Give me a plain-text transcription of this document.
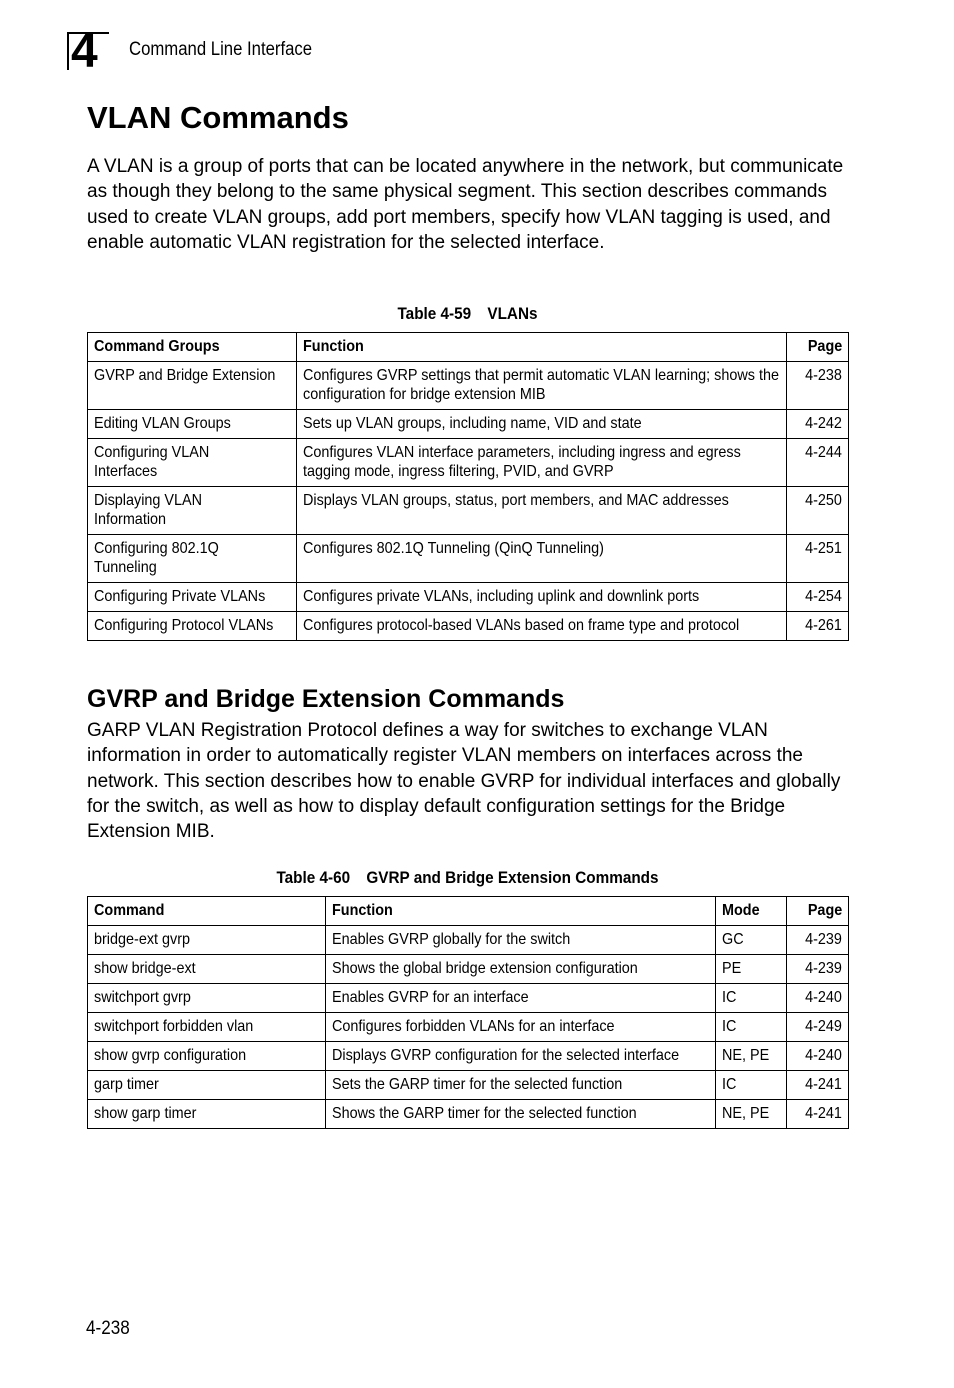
4 Command Line Interface
VLAN Commands

A VLAN is a group of ports that can be located anywhere in the network, but communicate as though they belong to the same physical segment. This section describes commands used to create VLAN groups, add port members, specify how VLAN tagging is used, and enable automatic VLAN registration for the selected interface.

Table 4-59 VLANs
Command Groups	Function	Page

GVRP and Bridge Extension	Configures GVRP settings that permit automatic VLAN learning; shows the configuration for bridge extension MIB	4-238

Editing VLAN Groups	Sets up VLAN groups, including name, VID and state	4-242

Configuring VLAN Interfaces	Configures VLAN interface parameters, including ingress and egress tagging mode, ingress filtering, PVID, and GVRP	4-244

Displaying VLAN Information	Displays VLAN groups, status, port members, and MAC addresses	4-250

Configuring 802.1Q Tunneling	Configures 802.1Q Tunneling (QinQ Tunneling)	4-251

Configuring Private VLANs	Configures private VLANs, including uplink and downlink ports	4-254

Configuring Protocol VLANs	Configures protocol-based VLANs based on frame type and protocol	4-261
GVRP and Bridge Extension Commands

GARP VLAN Registration Protocol defines a way for switches to exchange VLAN information in order to automatically register VLAN members on interfaces across the network. This section describes how to enable GVRP for individual interfaces and globally for the switch, as well as how to display default configuration settings for the Bridge Extension MIB.

Table 4-60 GVRP and Bridge Extension Commands
Command	Function	Mode	Page
bridge-ext gvrp	Enables GVRP globally for the switch	GC	4-239
show bridge-ext	Shows the global bridge extension configuration	PE	4-239
switchport gvrp	Enables GVRP for an interface	IC	4-240
switchport forbidden vlan	Configures forbidden VLANs for an interface	IC	4-249
show gvrp configuration	Displays GVRP configuration for the selected interface	NE, PE	4-240
garp timer	Sets the GARP timer for the selected function	IC	4-241
show garp timer	Shows the GARP timer for the selected function	NE, PE	4-241
4-238
